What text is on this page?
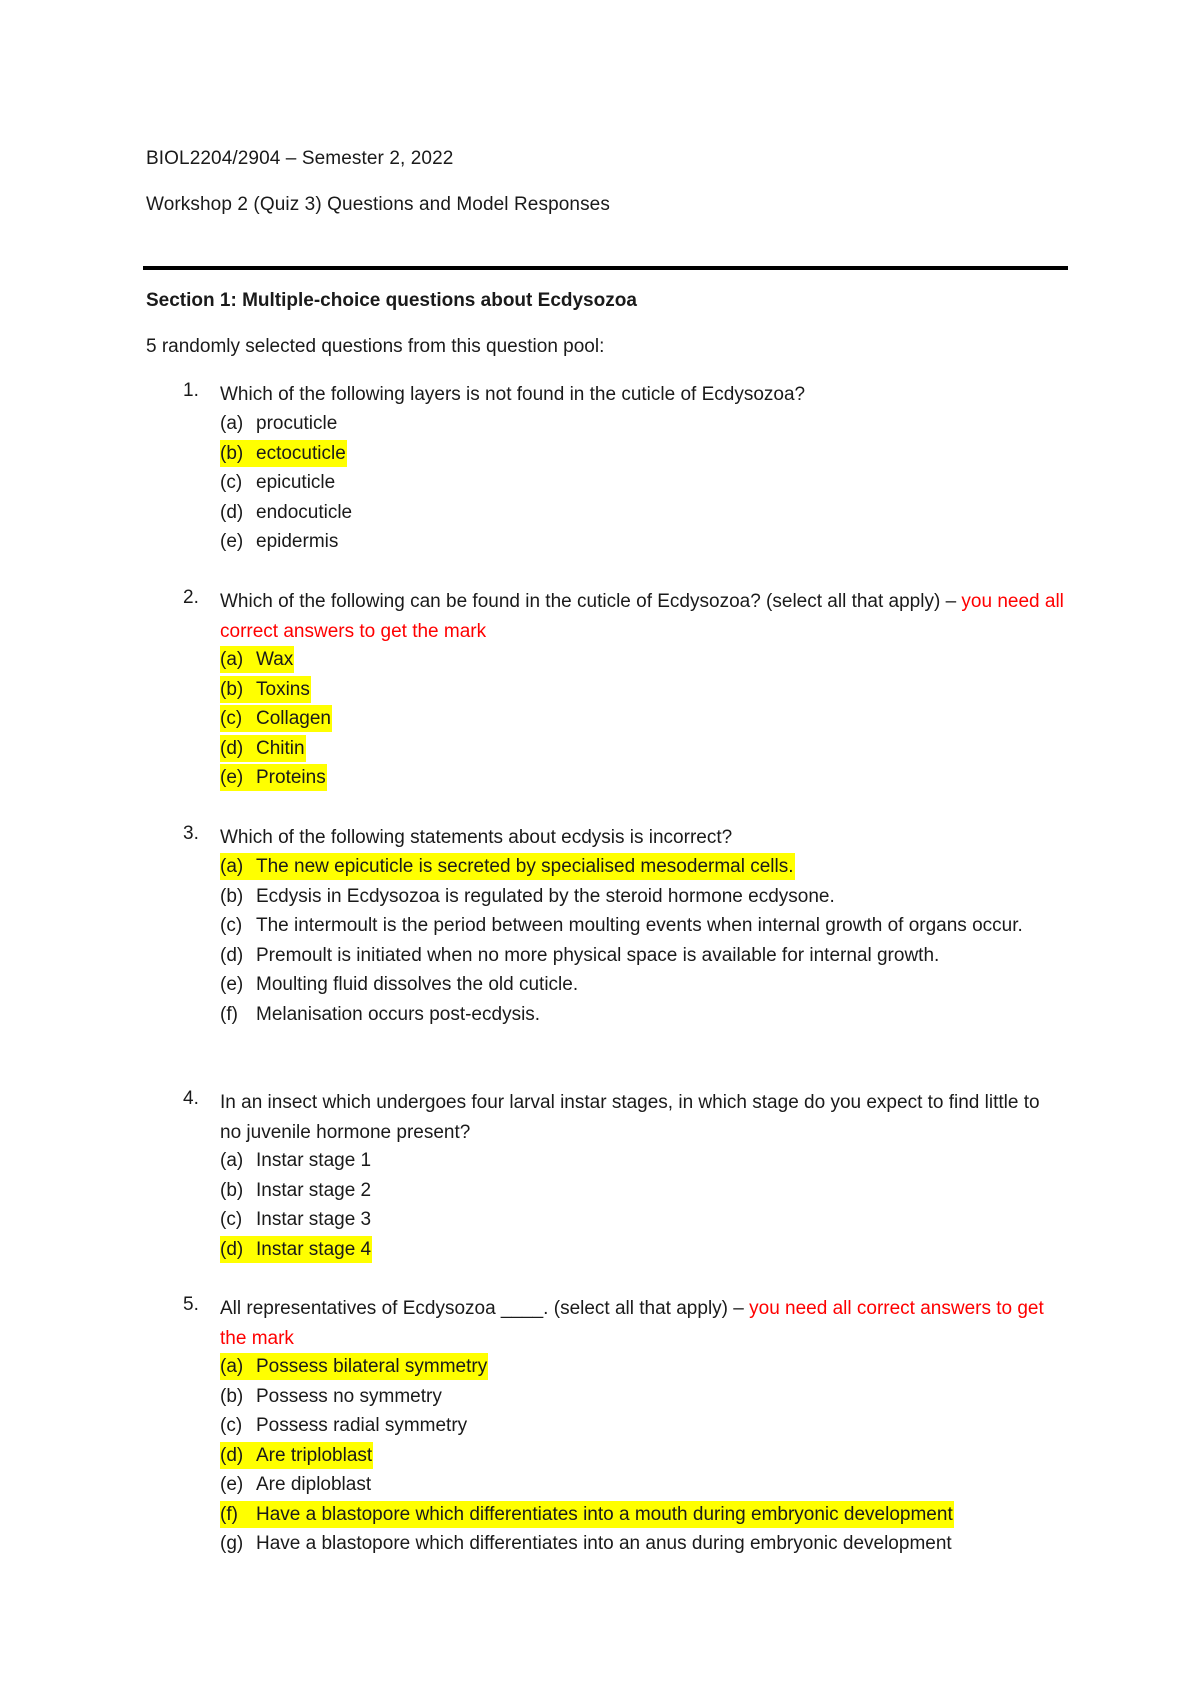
BIOL2204/2904 – Semester 2, 2022
Workshop 2 (Quiz 3) Questions and Model Responses
Section 1: Multiple-choice questions about Ecdysozoa
5 randomly selected questions from this question pool:
1. Which of the following layers is not found in the cuticle of Ecdysozoa?
(a) procuticle
(b) ectocuticle
(c) epicuticle
(d) endocuticle
(e) epidermis
2. Which of the following can be found in the cuticle of Ecdysozoa? (select all that apply) – you need all correct answers to get the mark
(a) Wax
(b) Toxins
(c) Collagen
(d) Chitin
(e) Proteins
3. Which of the following statements about ecdysis is incorrect?
(a) The new epicuticle is secreted by specialised mesodermal cells.
(b) Ecdysis in Ecdysozoa is regulated by the steroid hormone ecdysone.
(c) The intermoult is the period between moulting events when internal growth of organs occur.
(d) Premoult is initiated when no more physical space is available for internal growth.
(e) Moulting fluid dissolves the old cuticle.
(f) Melanisation occurs post-ecdysis.
4. In an insect which undergoes four larval instar stages, in which stage do you expect to find little to no juvenile hormone present?
(a) Instar stage 1
(b) Instar stage 2
(c) Instar stage 3
(d) Instar stage 4
5. All representatives of Ecdysozoa ____. (select all that apply) – you need all correct answers to get the mark
(a) Possess bilateral symmetry
(b) Possess no symmetry
(c) Possess radial symmetry
(d) Are triploblast
(e) Are diploblast
(f) Have a blastopore which differentiates into a mouth during embryonic development
(g) Have a blastopore which differentiates into an anus during embryonic development
